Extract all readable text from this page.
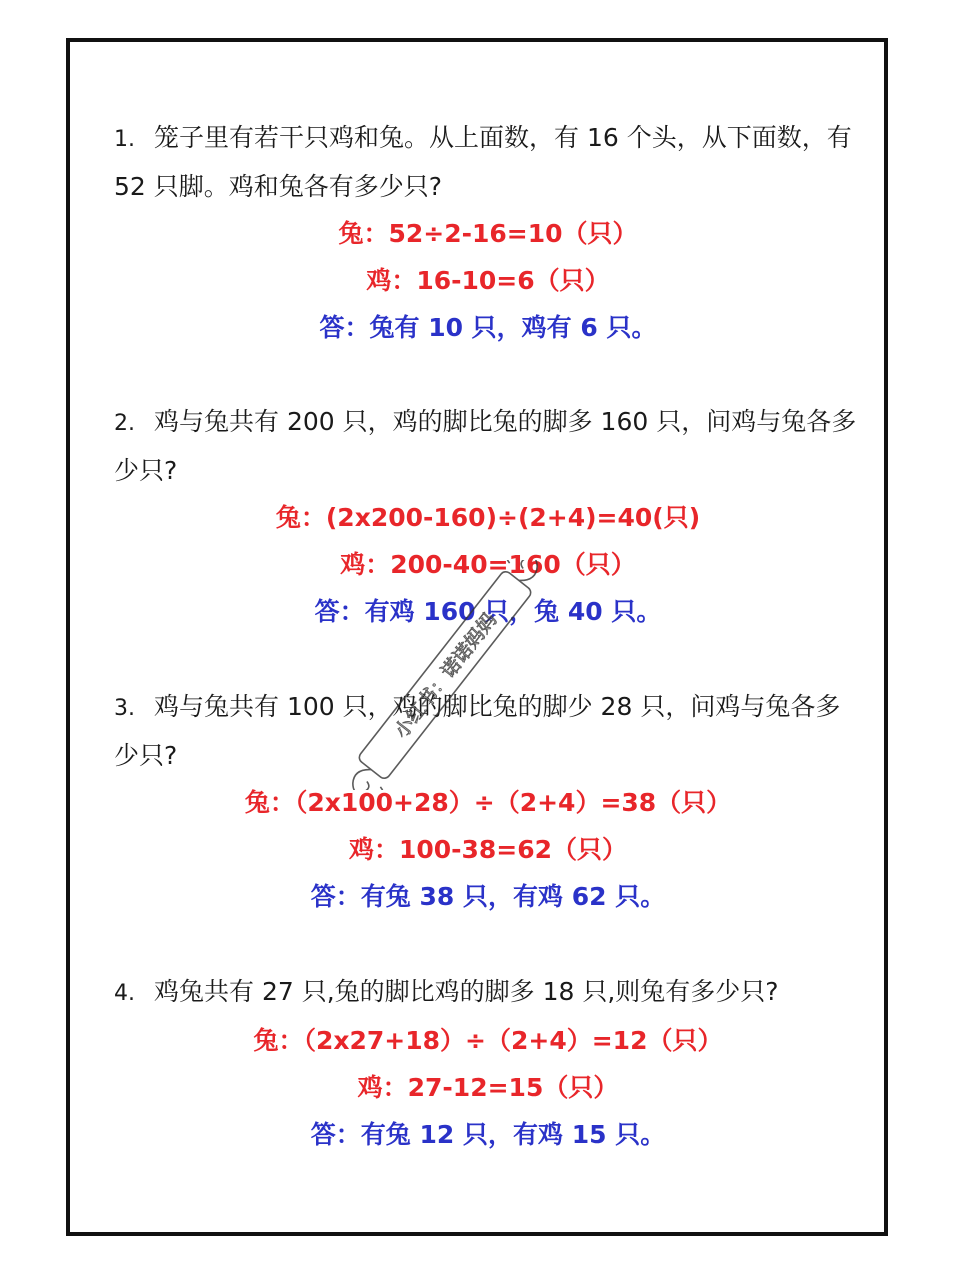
1. 笼子里有若干只鸡和兔。从上面数，有 16 个头，从下面数，有 52 只脚。鸡和兔各有多少只?

兔：52÷2-16=10（只）

鸡：16-10=6（只）

答：兔有 10 只，鸡有 6 只。

2. 鸡与兔共有 200 只，鸡的脚比兔的脚多 160 只，问鸡与兔各多少只?

兔：(2x200-160)÷(2+4)=40(只)

鸡：200-40=160（只）

答：有鸡 160 只，兔 40 只。

3. 鸡与兔共有 100 只，鸡的脚比兔的脚少 28 只，问鸡与兔各多少只?

兔：（2x100+28）÷（2+4）=38（只）

鸡：100-38=62（只）

答：有兔 38 只，有鸡 62 只。

4. 鸡兔共有 27 只,兔的脚比鸡的脚多 18 只,则兔有多少只?

兔：（2x27+18）÷（2+4）=12（只）

鸡：27-12=15（只）

答：有兔 12 只，有鸡 15 只。

小红书：诺诺妈妈
